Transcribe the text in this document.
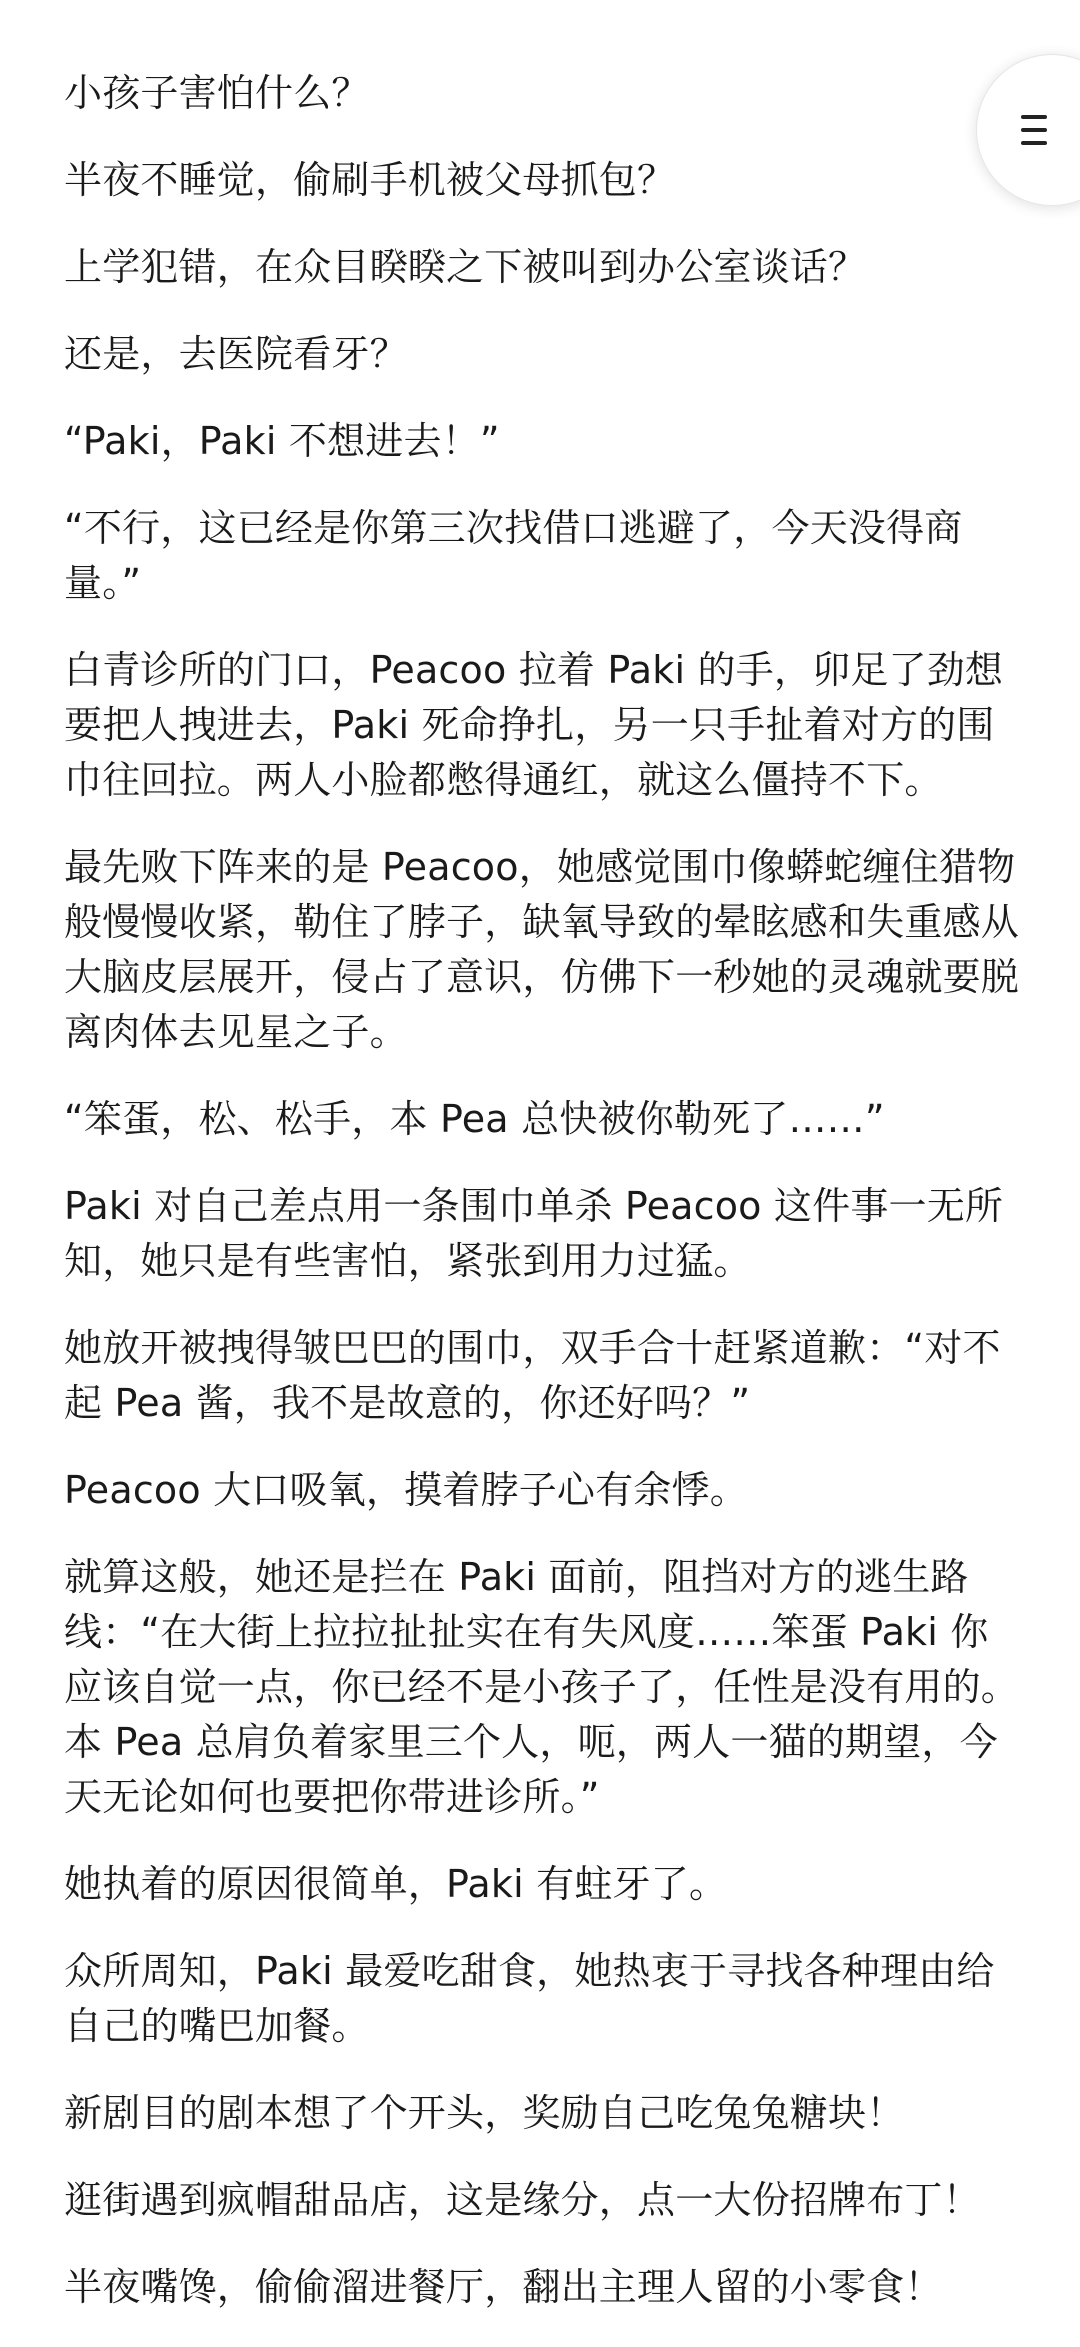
小孩子害怕什么？

半夜不睡觉，偷刷手机被父母抓包？

上学犯错，在众目睽睽之下被叫到办公室谈话？

还是，去医院看牙？

“Paki，Paki 不想进去！”

“不行，这已经是你第三次找借口逃避了，今天没得商量。”

白青诊所的门口，Peacoo 拉着 Paki 的手，卯足了劲想要把人拽进去，Paki 死命挣扎，另一只手扯着对方的围巾往回拉。两人小脸都憋得通红，就这么僵持不下。

最先败下阵来的是 Peacoo，她感觉围巾像蟒蛇缠住猎物般慢慢收紧，勒住了脖子，缺氧导致的晕眩感和失重感从大脑皮层展开，侵占了意识，仿佛下一秒她的灵魂就要脱离肉体去见星之子。

“笨蛋，松、松手，本 Pea 总快被你勒死了……”

Paki 对自己差点用一条围巾单杀 Peacoo 这件事一无所知，她只是有些害怕，紧张到用力过猛。

她放开被拽得皱巴巴的围巾，双手合十赶紧道歉：“对不起 Pea 酱，我不是故意的，你还好吗？”

Peacoo 大口吸氧，摸着脖子心有余悸。

就算这般，她还是拦在 Paki 面前，阻挡对方的逃生路线：“在大街上拉拉扯扯实在有失风度……笨蛋 Paki 你应该自觉一点，你已经不是小孩子了，任性是没有用的。本 Pea 总肩负着家里三个人，呃，两人一猫的期望，今天无论如何也要把你带进诊所。”

她执着的原因很简单，Paki 有蛀牙了。

众所周知，Paki 最爱吃甜食，她热衷于寻找各种理由给自己的嘴巴加餐。

新剧目的剧本想了个开头，奖励自己吃兔兔糖块！

逛街遇到疯帽甜品店，这是缘分，点一大份招牌布丁！

半夜嘴馋，偷偷溜进餐厅，翻出主理人留的小零食！
